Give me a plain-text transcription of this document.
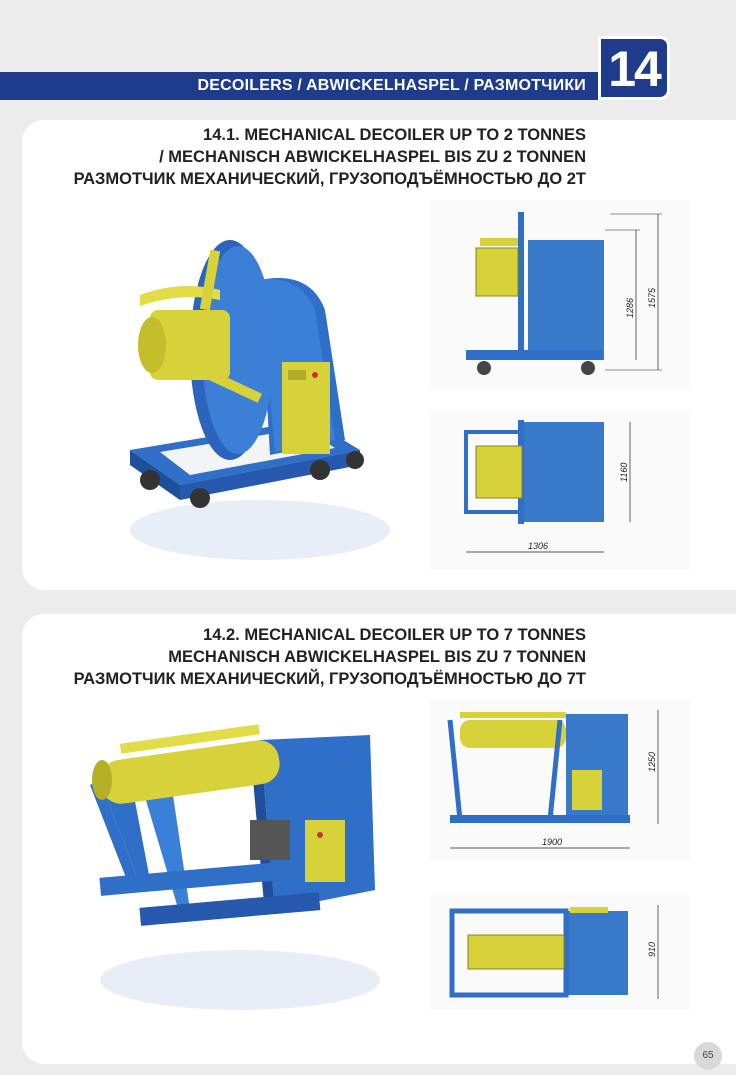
DECOILERS / ABWICKELHASPEL / РАЗМОТЧИКИ 14
14.1. MECHANICAL DECOILER UP TO 2 TONNES
/ MECHANISCH ABWICKELHASPEL BIS ZU 2 TONNEN
РАЗМОТЧИК МЕХАНИЧЕСКИЙ, ГРУЗОПОДЪЁМНОСТЬЮ ДО 2Т
1286 1575
1160
1306
14.2. MECHANICAL DECOILER UP TO 7 TONNES
MECHANISCH ABWICKELHASPEL BIS ZU 7 TONNEN
РАЗМОТЧИК МЕХАНИЧЕСКИЙ, ГРУЗОПОДЪЁМНОСТЬЮ ДО 7Т
1250
1900
910
65
